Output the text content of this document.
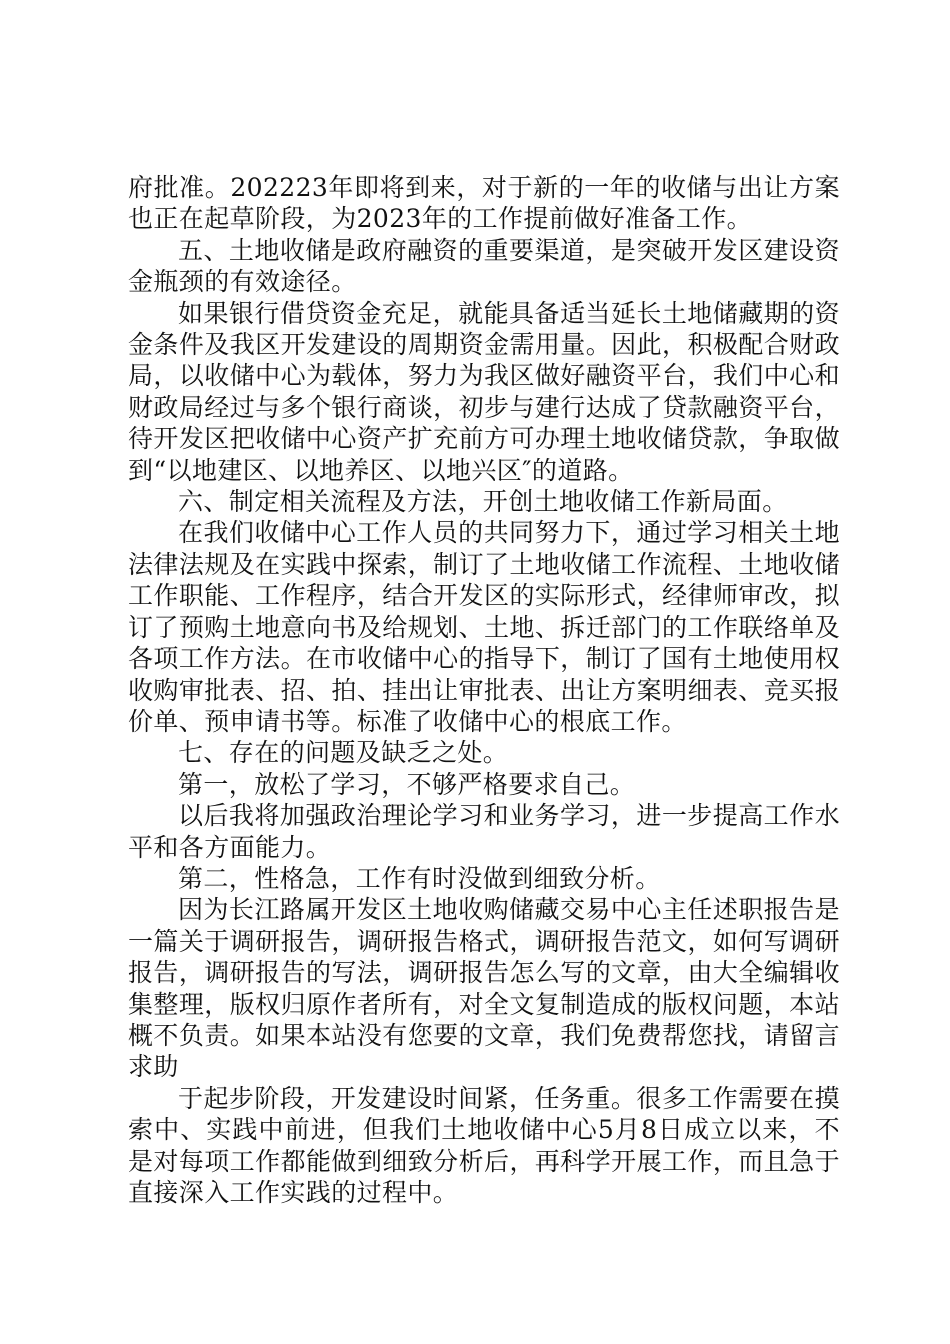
府批准。202223年即将到来，对于新的一年的收储与出让方案也正在起草阶段，为2023年的工作提前做好准备工作。

五、土地收储是政府融资的重要渠道，是突破开发区建设资金瓶颈的有效途径。

如果银行借贷资金充足，就能具备适当延长土地储藏期的资金条件及我区开发建设的周期资金需用量。因此，积极配合财政局，以收储中心为载体，努力为我区做好融资平台，我们中心和财政局经过与多个银行商谈，初步与建行达成了贷款融资平台，待开发区把收储中心资产扩充前方可办理土地收储贷款，争取做到“以地建区、以地养区、以地兴区″的道路。

六、制定相关流程及方法，开创土地收储工作新局面。

在我们收储中心工作人员的共同努力下，通过学习相关土地法律法规及在实践中探索，制订了土地收储工作流程、土地收储工作职能、工作程序，结合开发区的实际形式，经律师审改，拟订了预购土地意向书及给规划、土地、拆迁部门的工作联络单及各项工作方法。在市收储中心的指导下，制订了国有土地使用权收购审批表、招、拍、挂出让审批表、出让方案明细表、竞买报价单、预申请书等。标准了收储中心的根底工作。

七、存在的问题及缺乏之处。

第一，放松了学习，不够严格要求自己。

以后我将加强政治理论学习和业务学习，进一步提高工作水平和各方面能力。

第二，性格急，工作有时没做到细致分析。

因为长江路属开发区土地收购储藏交易中心主任述职报告是一篇关于调研报告，调研报告格式，调研报告范文，如何写调研报告，调研报告的写法，调研报告怎么写的文章，由大全编辑收集整理，版权归原作者所有，对全文复制造成的版权问题，本站概不负责。如果本站没有您要的文章，我们免费帮您找，请留言求助

于起步阶段，开发建设时间紧，任务重。很多工作需要在摸索中、实践中前进，但我们土地收储中心5月8日成立以来，不是对每项工作都能做到细致分析后，再科学开展工作，而且急于直接深入工作实践的过程中。
